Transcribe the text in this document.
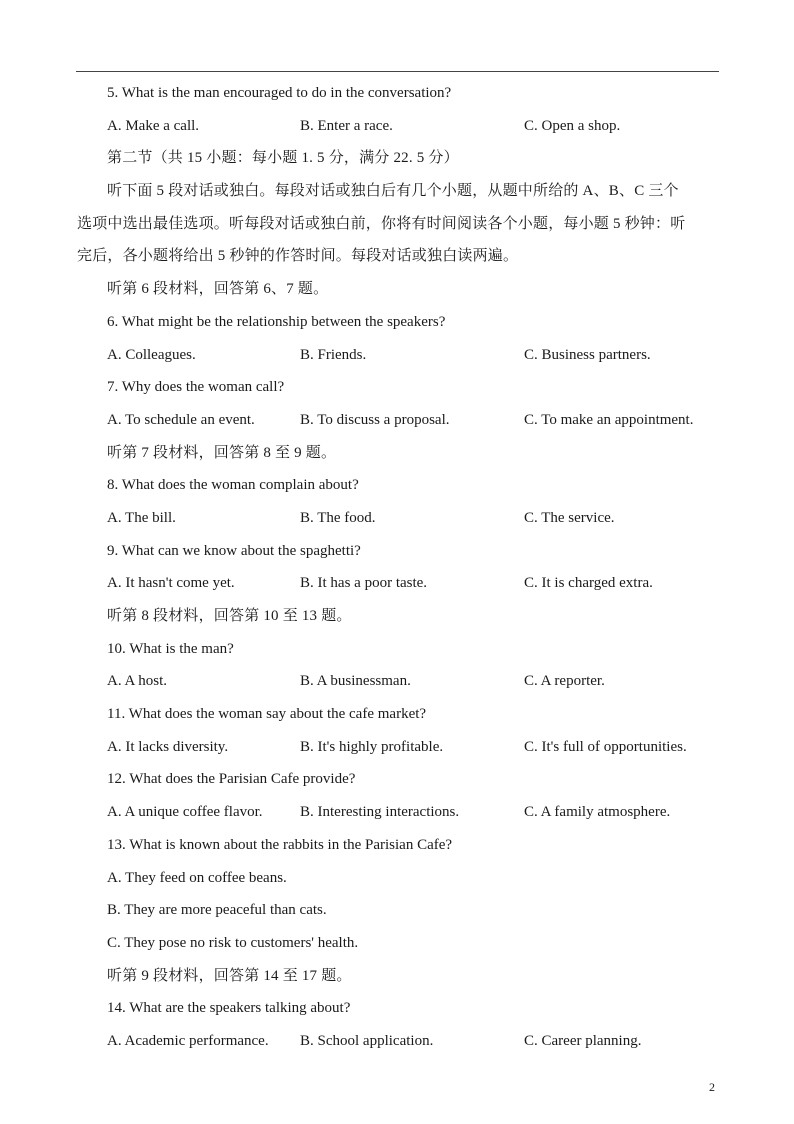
5. What is the man encouraged to do in the conversation?
A. Make a call.	B. Enter a race.	C. Open a shop.
第二节（共 15 小题：每小题 1. 5 分，满分 22. 5 分）
听下面 5 段对话或独白。每段对话或独白后有几个小题，从题中所给的 A、B、C 三个
选项中选出最佳选项。听每段对话或独白前，你将有时间阅读各个小题，每小题 5 秒钟：听
完后，各小题将给出 5 秒钟的作答时间。每段对话或独白读两遍。
听第 6 段材料，回答第 6、7 题。
6. What might be the relationship between the speakers?
A. Colleagues.	B. Friends.	C. Business partners.
7. Why does the woman call?
A. To schedule an event.	B. To discuss a proposal.	C. To make an appointment.
听第 7 段材料，回答第 8 至 9 题。
8. What does the woman complain about?
A. The bill.	B. The food.	C. The service.
9. What can we know about the spaghetti?
A. It hasn't come yet.	B. It has a poor taste.	C. It is charged extra.
听第 8 段材料，回答第 10 至 13 题。
10. What is the man?
A. A host.	B. A businessman.	C. A reporter.
11. What does the woman say about the cafe market?
A. It lacks diversity.	B. It's highly profitable.	C. It's full of opportunities.
12. What does the Parisian Cafe provide?
A. A unique coffee flavor. B. Interesting interactions.	C. A family atmosphere.
13. What is known about the rabbits in the Parisian Cafe?
A. They feed on coffee beans.
B. They are more peaceful than cats.
C. They pose no risk to customers' health.
听第 9 段材料，回答第 14 至 17 题。
14. What are the speakers talking about?
A. Academic performance. B. School application.	C. Career planning.
2
